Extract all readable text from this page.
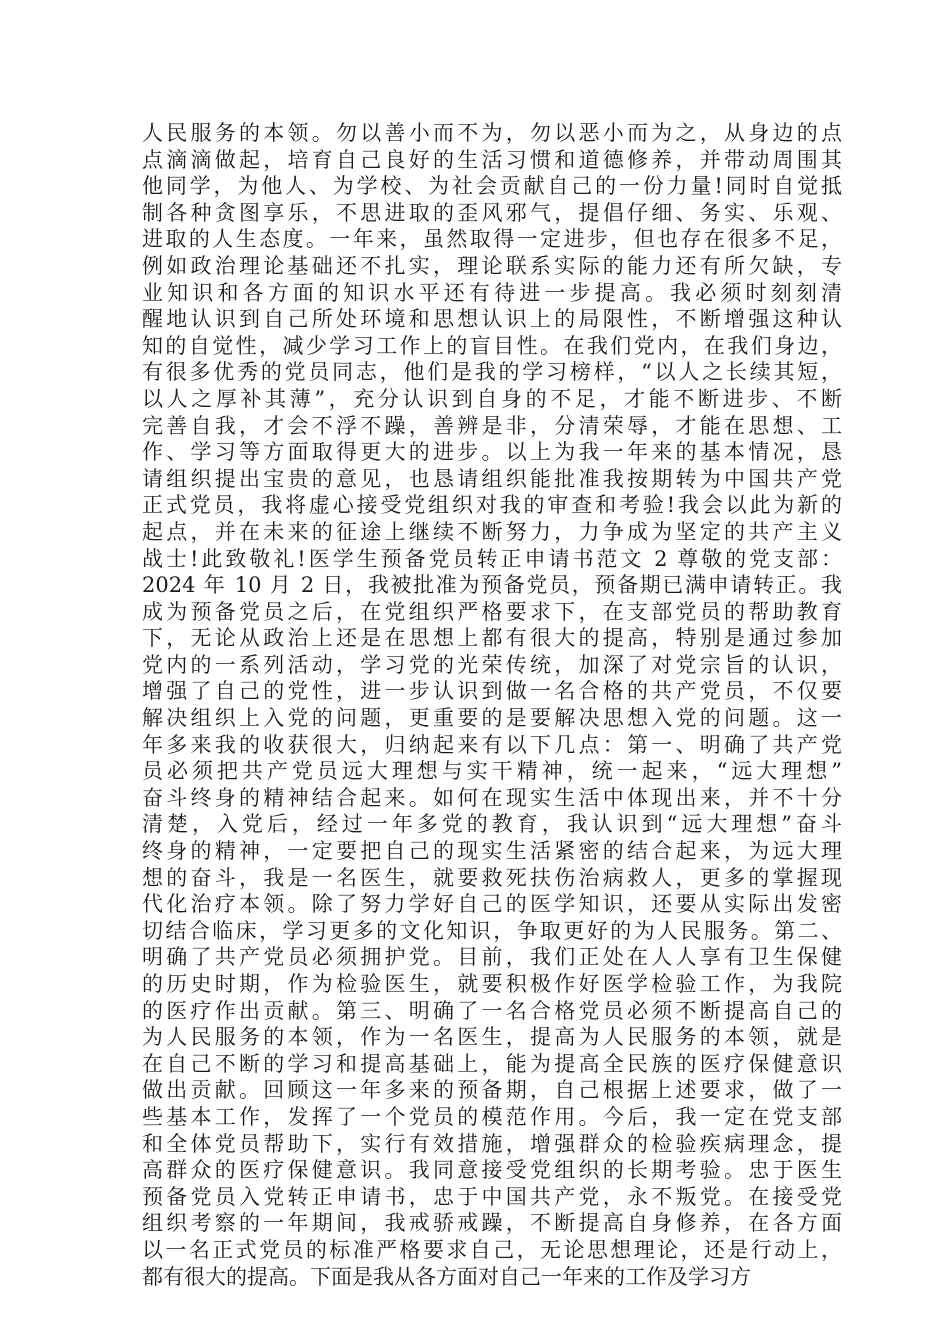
人民服务的本领。勿以善小而不为，勿以恶小而为之，从身边的点
点滴滴做起，培育自己良好的生活习惯和道德修养，并带动周围其
他同学，为他人、为学校、为社会贡献自己的一份力量!同时自觉抵
制各种贪图享乐，不思进取的歪风邪气，提倡仔细、务实、乐观、
进取的人生态度。一年来，虽然取得一定进步，但也存在很多不足，
例如政治理论基础还不扎实，理论联系实际的能力还有所欠缺，专
业知识和各方面的知识水平还有待进一步提高。我必须时刻刻清
醒地认识到自己所处环境和思想认识上的局限性，不断增强这种认
知的自觉性，减少学习工作上的盲目性。在我们党内，在我们身边，
有很多优秀的党员同志，他们是我的学习榜样，“以人之长续其短，
以人之厚补其薄”，充分认识到自身的不足，才能不断进步、不断
完善自我，才会不浮不躁，善辨是非，分清荣辱，才能在思想、工
作、学习等方面取得更大的进步。以上为我一年来的基本情况，恳
请组织提出宝贵的意见，也恳请组织能批准我按期转为中国共产党
正式党员，我将虚心接受党组织对我的审查和考验!我会以此为新的
起点，并在未来的征途上继续不断努力，力争成为坚定的共产主义
战士!此致敬礼!医学生预备党员转正申请书范文 2 尊敬的党支部：
2024 年 10 月 2 日，我被批准为预备党员，预备期已满申请转正。我
成为预备党员之后，在党组织严格要求下，在支部党员的帮助教育
下，无论从政治上还是在思想上都有很大的提高，特别是通过参加
党内的一系列活动，学习党的光荣传统，加深了对党宗旨的认识，
增强了自己的党性，进一步认识到做一名合格的共产党员，不仅要
解决组织上入党的问题，更重要的是要解决思想入党的问题。这一
年多来我的收获很大，归纳起来有以下几点：第一、明确了共产党
员必须把共产党员远大理想与实干精神，统一起来，“远大理想”
奋斗终身的精神结合起来。如何在现实生活中体现出来，并不十分
清楚，入党后，经过一年多党的教育，我认识到“远大理想”奋斗
终身的精神，一定要把自己的现实生活紧密的结合起来，为远大理
想的奋斗，我是一名医生，就要救死扶伤治病救人，更多的掌握现
代化治疗本领。除了努力学好自己的医学知识，还要从实际出发密
切结合临床，学习更多的文化知识，争取更好的为人民服务。第二、
明确了共产党员必须拥护党。目前，我们正处在人人享有卫生保健
的历史时期，作为检验医生，就要积极作好医学检验工作，为我院
的医疗作出贡献。第三、明确了一名合格党员必须不断提高自己的
为人民服务的本领，作为一名医生，提高为人民服务的本领，就是
在自己不断的学习和提高基础上，能为提高全民族的医疗保健意识
做出贡献。回顾这一年多来的预备期，自己根据上述要求，做了一
些基本工作，发挥了一个党员的模范作用。今后，我一定在党支部
和全体党员帮助下，实行有效措施，增强群众的检验疾病理念，提
高群众的医疗保健意识。我同意接受党组织的长期考验。忠于医生
预备党员入党转正申请书，忠于中国共产党，永不叛党。在接受党
组织考察的一年期间，我戒骄戒躁，不断提高自身修养，在各方面
以一名正式党员的标准严格要求自己，无论思想理论，还是行动上，
都有很大的提高。下面是我从各方面对自己一年来的工作及学习方
